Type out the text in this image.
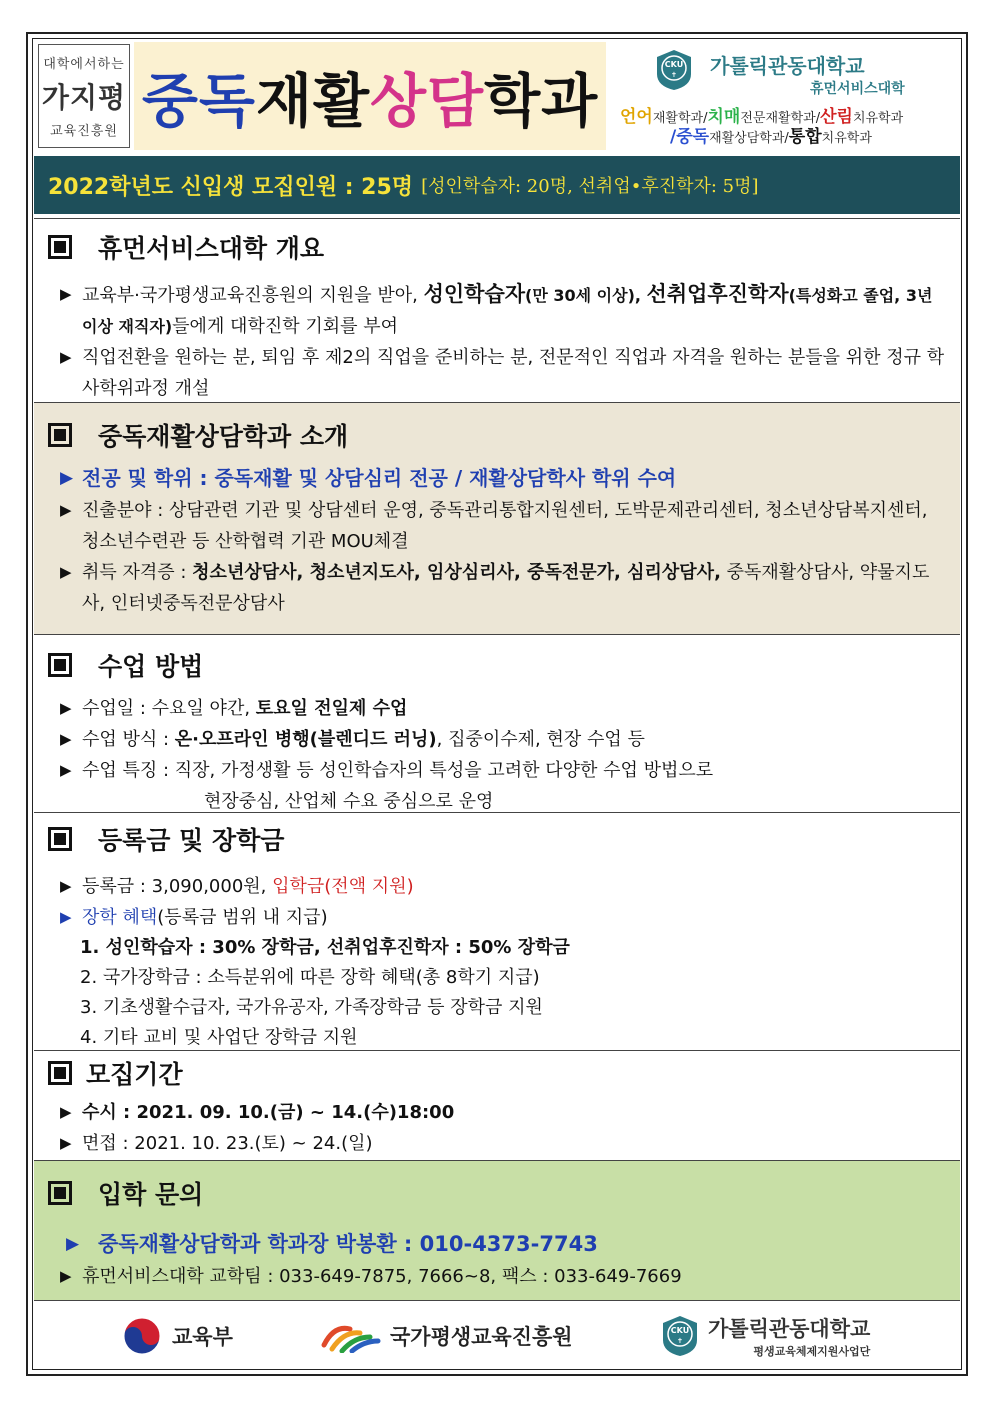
대학에서하는
가지평
교육진흥원 중독 재활 상담 학과
CKU
✝ 가톨릭관동대학교
휴먼서비스대학
언어재활학과/치매전문재활학과/산림치유학과
/중독재활상담학과/통합치유학과
2022학년도 신입생 모집인원 : 25명 [성인학습자: 20명, 선취업•후진학자: 5명]
휴먼서비스대학 개요
▶ 교육부·국가평생교육진흥원의 지원을 받아, 성인학습자(만 30세 이상), 선취업후진학자(특성화고 졸업, 3년 이상 재직자)들에게 대학진학 기회를 부여
▶ 직업전환을 원하는 분, 퇴임 후 제2의 직업을 준비하는 분, 전문적인 직업과 자격을 원하는 분들을 위한 정규 학사학위과정 개설
중독재활상담학과 소개
▶ 전공 및 학위 : 중독재활 및 상담심리 전공 / 재활상담학사 학위 수여
▶ 진출분야 : 상담관련 기관 및 상담센터 운영, 중독관리통합지원센터, 도박문제관리센터, 청소년상담복지센터, 청소년수련관 등 산학협력 기관 MOU체결
▶ 취득 자격증 : 청소년상담사, 청소년지도사, 임상심리사, 중독전문가, 심리상담사, 중독재활상담사, 약물지도사, 인터넷중독전문상담사
수업 방법
▶ 수업일 : 수요일 야간, 토요일 전일제 수업
▶ 수업 방식 : 온·오프라인 병행(블렌디드 러닝), 집중이수제, 현장 수업 등
▶ 수업 특징 : 직장, 가정생활 등 성인학습자의 특성을 고려한 다양한 수업 방법으로
현장중심, 산업체 수요 중심으로 운영
등록금 및 장학금
▶ 등록금 : 3,090,000원, 입학금(전액 지원)
▶ 장학 혜택(등록금 범위 내 지급)
1. 성인학습자 : 30% 장학금, 선취업후진학자 : 50% 장학금
2. 국가장학금 : 소득분위에 따른 장학 혜택(총 8학기 지급)
3. 기초생활수급자, 국가유공자, 가족장학금 등 장학금 지원
4. 기타 교비 및 사업단 장학금 지원
모집기간
▶ 수시 : 2021. 09. 10.(금) ~ 14.(수)18:00
▶ 면접 : 2021. 10. 23.(토) ~ 24.(일)
입학 문의
▶ 중독재활상담학과 학과장 박봉환 : 010-4373-7743
▶ 휴먼서비스대학 교학팀 : 033-649-7875, 7666~8, 팩스 : 033-649-7669
교육부	국가평생교육진흥원	CKU
✝ 가톨릭관동대학교
평생교육체제지원사업단
